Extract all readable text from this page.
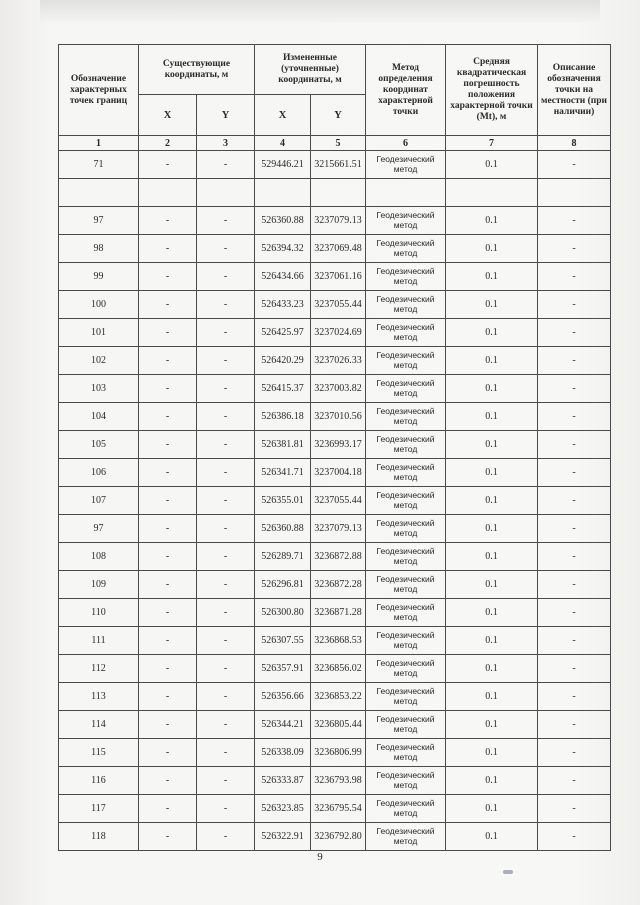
Обозначение характерных точек границ	Существующие координаты, м		Измененные (уточненные) координаты, м		Метод определения координат характерной точки	Средняя квадратическая погрешность положения характерной точки (Mt), м	Описание обозначения точки на местности (при наличии)
	X	Y	X	Y			
1	2	3	4	5	6	7	8
71	-	-	529446.21	3215661.51	Геодезический метод	0.1	-

97	-	-	526360.88	3237079.13	Геодезический метод	0.1	-
98	-	-	526394.32	3237069.48	Геодезический метод	0.1	-
99	-	-	526434.66	3237061.16	Геодезический метод	0.1	-
100	-	-	526433.23	3237055.44	Геодезический метод	0.1	-
101	-	-	526425.97	3237024.69	Геодезический метод	0.1	-
102	-	-	526420.29	3237026.33	Геодезический метод	0.1	-
103	-	-	526415.37	3237003.82	Геодезический метод	0.1	-
104	-	-	526386.18	3237010.56	Геодезический метод	0.1	-
105	-	-	526381.81	3236993.17	Геодезический метод	0.1	-
106	-	-	526341.71	3237004.18	Геодезический метод	0.1	-
107	-	-	526355.01	3237055.44	Геодезический метод	0.1	-
97	-	-	526360.88	3237079.13	Геодезический метод	0.1	-
108	-	-	526289.71	3236872.88	Геодезический метод	0.1	-
109	-	-	526296.81	3236872.28	Геодезический метод	0.1	-
110	-	-	526300.80	3236871.28	Геодезический метод	0.1	-
111	-	-	526307.55	3236868.53	Геодезический метод	0.1	-
112	-	-	526357.91	3236856.02	Геодезический метод	0.1	-
113	-	-	526356.66	3236853.22	Геодезический метод	0.1	-
114	-	-	526344.21	3236805.44	Геодезический метод	0.1	-
115	-	-	526338.09	3236806.99	Геодезический метод	0.1	-
116	-	-	526333.87	3236793.98	Геодезический метод	0.1	-
117	-	-	526323.85	3236795.54	Геодезический метод	0.1	-
118	-	-	526322.91	3236792.80	Геодезический метод	0.1	-
9
